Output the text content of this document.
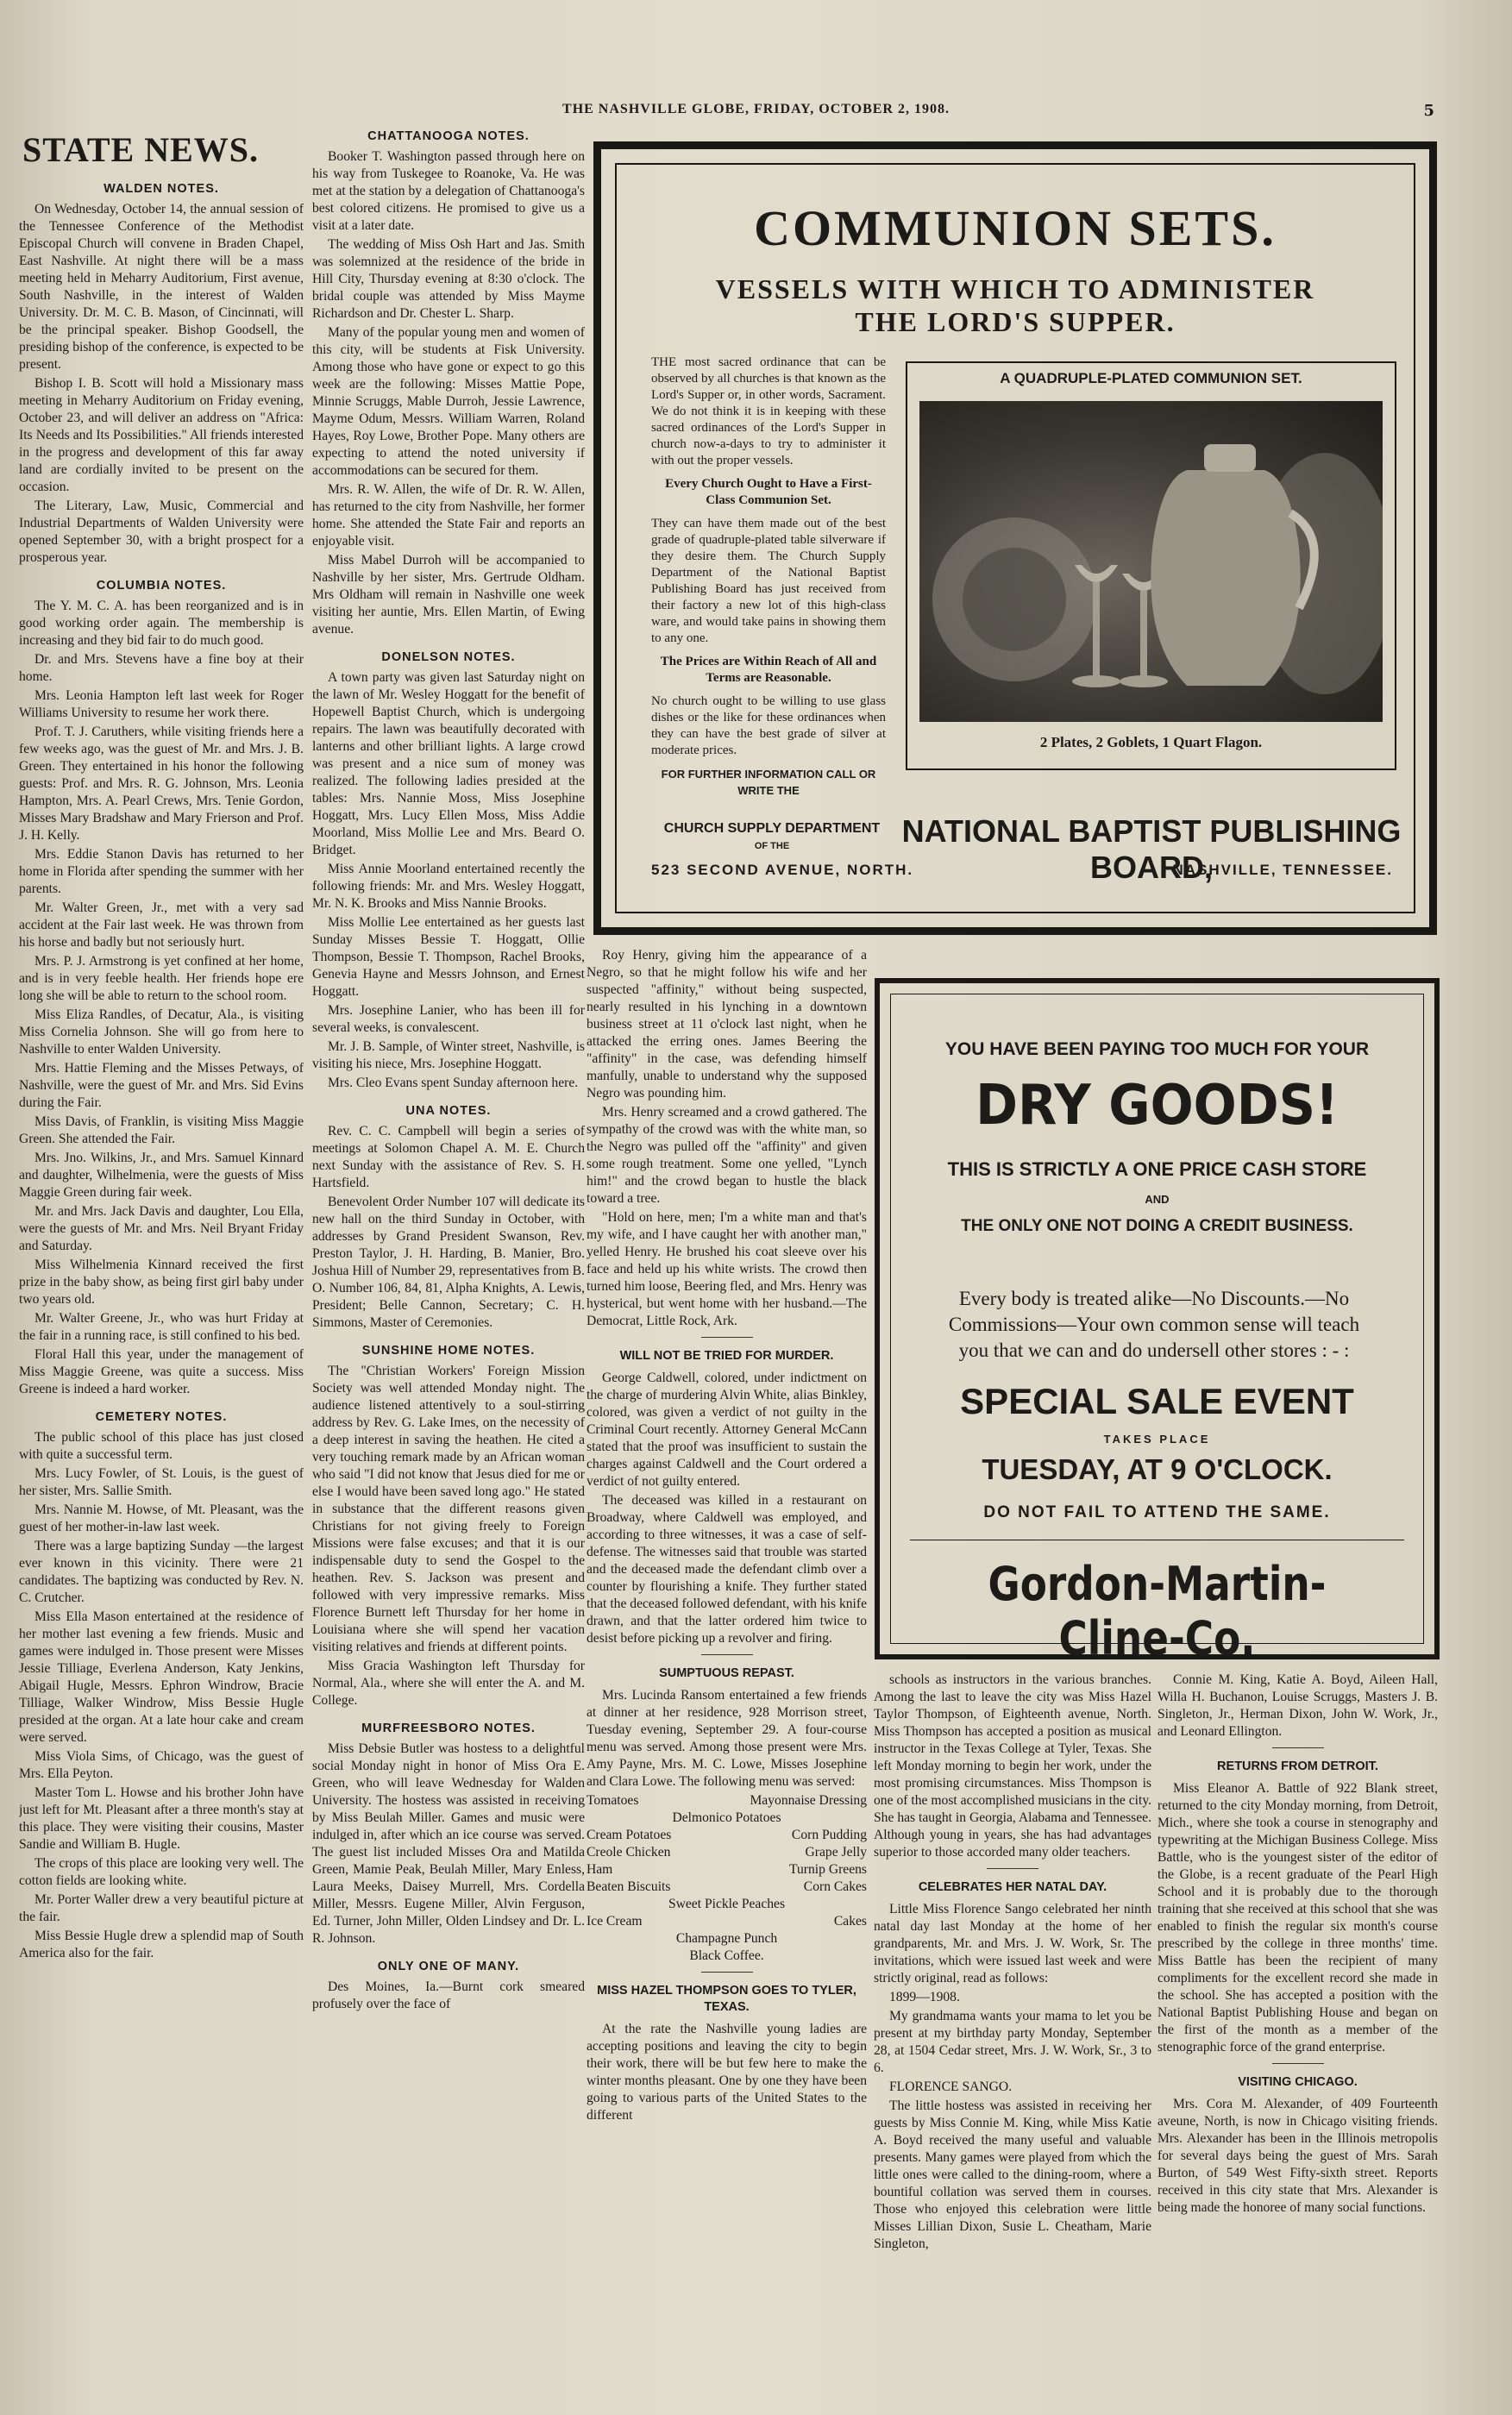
THE NASHVILLE GLOBE, FRIDAY, OCTOBER 2, 1908.	5
STATE NEWS.
WALDEN NOTES.

On Wednesday, October 14, the annual session of the Tennessee Conference of the Methodist Episcopal Church will convene in Braden Chapel, East Nashville. At night there will be a mass meeting held in Meharry Auditorium, First avenue, South Nashville, in the interest of Walden University. Dr. M. C. B. Mason, of Cincinnati, will be the principal speaker. Bishop Goodsell, the presiding bishop of the conference, is expected to be present.

Bishop I. B. Scott will hold a Missionary mass meeting in Meharry Auditorium on Friday evening, October 23, and will deliver an address on "Africa: Its Needs and Its Possibilities." All friends interested in the progress and development of this far away land are cordially invited to be present on the occasion.

The Literary, Law, Music, Commercial and Industrial Departments of Walden University were opened September 30, with a bright prospect for a prosperous year.

COLUMBIA NOTES.

The Y. M. C. A. has been reorganized and is in good working order again. The membership is increasing and they bid fair to do much good.

Dr. and Mrs. Stevens have a fine boy at their home.

Mrs. Leonia Hampton left last week for Roger Williams University to resume her work there.

Prof. T. J. Caruthers, while visiting friends here a few weeks ago, was the guest of Mr. and Mrs. J. B. Green. They entertained in his honor the following guests: Prof. and Mrs. R. G. Johnson, Mrs. Leonia Hampton, Mrs. A. Pearl Crews, Mrs. Tenie Gordon, Misses Mary Bradshaw and Mary Frierson and Prof. J. H. Kelly.

Mrs. Eddie Stanon Davis has returned to her home in Florida after spending the summer with her parents.

Mr. Walter Green, Jr., met with a very sad accident at the Fair last week. He was thrown from his horse and badly but not seriously hurt.

Mrs. P. J. Armstrong is yet confined at her home, and is in very feeble health. Her friends hope ere long she will be able to return to the school room.

Miss Eliza Randles, of Decatur, Ala., is visiting Miss Cornelia Johnson. She will go from here to Nashville to enter Walden University.

Mrs. Hattie Fleming and the Misses Petways, of Nashville, were the guest of Mr. and Mrs. Sid Evins during the Fair.

Miss Davis, of Franklin, is visiting Miss Maggie Green. She attended the Fair.

Mrs. Jno. Wilkins, Jr., and Mrs. Samuel Kinnard and daughter, Wilhelmenia, were the guests of Miss Maggie Green during fair week.

Mr. and Mrs. Jack Davis and daughter, Lou Ella, were the guests of Mr. and Mrs. Neil Bryant Friday and Saturday.

Miss Wilhelmenia Kinnard received the first prize in the baby show, as being first girl baby under two years old.

Mr. Walter Greene, Jr., who was hurt Friday at the fair in a running race, is still confined to his bed.

Floral Hall this year, under the management of Miss Maggie Greene, was quite a success. Miss Greene is indeed a hard worker.

CEMETERY NOTES.

The public school of this place has just closed with quite a successful term.

Mrs. Lucy Fowler, of St. Louis, is the guest of her sister, Mrs. Sallie Smith.

Mrs. Nannie M. Howse, of Mt. Pleasant, was the guest of her mother-in-law last week.

There was a large baptizing Sunday —the largest ever known in this vicinity. There were 21 candidates. The baptizing was conducted by Rev. N. C. Crutcher.

Miss Ella Mason entertained at the residence of her mother last evening a few friends. Music and games were indulged in. Those present were Misses Jessie Tilliage, Everlena Anderson, Katy Jenkins, Abigail Hugle, Messrs. Ephron Windrow, Bracie Tilliage, Walker Windrow, Miss Bessie Hugle presided at the organ. At a late hour cake and cream were served.

Miss Viola Sims, of Chicago, was the guest of Mrs. Ella Peyton.

Master Tom L. Howse and his brother John have just left for Mt. Pleasant after a three month's stay at this place. They were visiting their cousins, Master Sandie and William B. Hugle.

The crops of this place are looking very well. The cotton fields are looking white.

Mr. Porter Waller drew a very beautiful picture at the fair.

Miss Bessie Hugle drew a splendid map of South America also for the fair.

CHATTANOOGA NOTES.

Booker T. Washington passed through here on his way from Tuskegee to Roanoke, Va. He was met at the station by a delegation of Chattanooga's best colored citizens. He promised to give us a visit at a later date.

The wedding of Miss Osh Hart and Jas. Smith was solemnized at the residence of the bride in Hill City, Thursday evening at 8:30 o'clock. The bridal couple was attended by Miss Mayme Richardson and Dr. Chester L. Sharp.

Many of the popular young men and women of this city, will be students at Fisk University. Among those who have gone or expect to go this week are the following: Misses Mattie Pope, Minnie Scruggs, Mable Durroh, Jessie Lawrence, Mayme Odum, Messrs. William Warren, Roland Hayes, Roy Lowe, Brother Pope. Many others are expecting to attend the noted university if accommodations can be secured for them.

Mrs. R. W. Allen, the wife of Dr. R. W. Allen, has returned to the city from Nashville, her former home. She attended the State Fair and reports an enjoyable visit.

Miss Mabel Durroh will be accompanied to Nashville by her sister, Mrs. Gertrude Oldham. Mrs Oldham will remain in Nashville one week visiting her auntie, Mrs. Ellen Martin, of Ewing avenue.

DONELSON NOTES.

A town party was given last Saturday night on the lawn of Mr. Wesley Hoggatt for the benefit of Hopewell Baptist Church, which is undergoing repairs. The lawn was beautifully decorated with lanterns and other brilliant lights. A large crowd was present and a nice sum of money was realized. The following ladies presided at the tables: Mrs. Nannie Moss, Miss Josephine Hoggatt, Mrs. Lucy Ellen Moss, Miss Addie Moorland, Miss Mollie Lee and Mrs. Beard O. Bridget.

Miss Annie Moorland entertained recently the following friends: Mr. and Mrs. Wesley Hoggatt, Mr. N. K. Brooks and Miss Nannie Brooks.

Miss Mollie Lee entertained as her guests last Sunday Misses Bessie T. Hoggatt, Ollie Thompson, Bessie T. Thompson, Rachel Brooks, Genevia Hayne and Messrs Johnson, and Ernest Hoggatt.

Mrs. Josephine Lanier, who has been ill for several weeks, is convalescent.

Mr. J. B. Sample, of Winter street, Nashville, is visiting his niece, Mrs. Josephine Hoggatt.

Mrs. Cleo Evans spent Sunday afternoon here.

UNA NOTES.

Rev. C. C. Campbell will begin a series of meetings at Solomon Chapel A. M. E. Church next Sunday with the assistance of Rev. S. H. Hartsfield.

Benevolent Order Number 107 will dedicate its new hall on the third Sunday in October, with addresses by Grand President Swanson, Rev. Preston Taylor, J. H. Harding, B. Manier, Bro. Joshua Hill of Number 29, representatives from B. O. Number 106, 84, 81, Alpha Knights, A. Lewis, President; Belle Cannon, Secretary; C. H. Simmons, Master of Ceremonies.

SUNSHINE HOME NOTES.

The "Christian Workers' Foreign Mission Society was well attended Monday night. The audience listened attentively to a soul-stirring address by Rev. G. Lake Imes, on the necessity of a deep interest in saving the heathen. He cited a very touching remark made by an African woman who said "I did not know that Jesus died for me or else I would have been saved long ago." He stated in substance that the different reasons given Christians for not giving freely to Foreign Missions were false excuses; and that it is our indispensable duty to send the Gospel to the heathen. Rev. S. Jackson was present and followed with very impressive remarks. Miss Florence Burnett left Thursday for her home in Louisiana where she will spend her vacation visiting relatives and friends at different points.

Miss Gracia Washington left Thursday for Normal, Ala., where she will enter the A. and M. College.

MURFREESBORO NOTES.

Miss Debsie Butler was hostess to a delightful social Monday night in honor of Miss Ora E. Green, who will leave Wednesday for Walden University. The hostess was assisted in receiving by Miss Beulah Miller. Games and music were indulged in, after which an ice course was served. The guest list included Misses Ora and Matilda Green, Mamie Peak, Beulah Miller, Mary Enless, Laura Meeks, Daisey Murrell, Mrs. Cordella Miller, Messrs. Eugene Miller, Alvin Ferguson, Ed. Turner, John Miller, Olden Lindsey and Dr. L. R. Johnson.

ONLY ONE OF MANY.

Des Moines, Ia.—Burnt cork smeared profusely over the face of

COMMUNION SETS.
VESSELS WITH WHICH TO ADMINISTER
THE LORD'S SUPPER.

THE most sacred ordinance that can be observed by all churches is that known as the Lord's Supper or, in other words, Sacrament. We do not think it is in keeping with these sacred ordinances of the Lord's Supper in church now-a-days to try to administer it with out the proper vessels.

Every Church Ought to Have a First-Class Communion Set.

They can have them made out of the best grade of quadruple-plated table silverware if they desire them. The Church Supply Department of the National Baptist Publishing Board has just received from their factory a new lot of this high-class ware, and would take pains in showing them to any one.

The Prices are Within Reach of All and Terms are Reasonable.

No church ought to be willing to use glass dishes or the like for these ordinances when they can have the best grade of silver at moderate prices.

FOR FURTHER INFORMATION CALL OR WRITE THE
A QUADRUPLE-PLATED COMMUNION SET.
2 Plates, 2 Goblets, 1 Quart Flagon.
CHURCH SUPPLY DEPARTMENT
OF THE	NATIONAL BAPTIST PUBLISHING BOARD,
523 SECOND AVENUE, NORTH.	NASHVILLE, TENNESSEE.

Roy Henry, giving him the appearance of a Negro, so that he might follow his wife and her suspected "affinity," without being suspected, nearly resulted in his lynching in a downtown business street at 11 o'clock last night, when he attacked the erring ones. James Beering the "affinity" in the case, was defending himself manfully, unable to understand why the supposed Negro was pounding him.

Mrs. Henry screamed and a crowd gathered. The sympathy of the crowd was with the white man, so the Negro was pulled off the "affinity" and given some rough treatment. Some one yelled, "Lynch him!" and the crowd began to hustle the black toward a tree.

"Hold on here, men; I'm a white man and that's my wife, and I have caught her with another man," yelled Henry. He brushed his coat sleeve over his face and held up his white wrists. The crowd then turned him loose, Beering fled, and Mrs. Henry was hysterical, but went home with her husband.—The Democrat, Little Rock, Ark.

WILL NOT BE TRIED FOR MURDER.

George Caldwell, colored, under indictment on the charge of murdering Alvin White, alias Binkley, colored, was given a verdict of not guilty in the Criminal Court recently. Attorney General McCann stated that the proof was insufficient to sustain the charges against Caldwell and the Court ordered a verdict of not guilty entered.

The deceased was killed in a restaurant on Broadway, where Caldwell was employed, and according to three witnesses, it was a case of self-defense. The witnesses said that trouble was started and the deceased made the defendant climb over a counter by flourishing a knife. They further stated that the deceased followed defendant, with his knife drawn, and that the latter ordered him twice to desist before picking up a revolver and firing.

SUMPTUOUS REPAST.

Mrs. Lucinda Ransom entertained a few friends at dinner at her residence, 928 Morrison street, Tuesday evening, September 29. A four-course menu was served. Among those present were Mrs. Amy Payne, Mrs. M. C. Lowe, Misses Josephine and Clara Lowe. The following menu was served:

Tomatoes	Mayonnaise Dressing
Delmonico Potatoes
Cream Potatoes	Corn Pudding
Creole Chicken	Grape Jelly
Ham	Turnip Greens
Beaten Biscuits	Corn Cakes
Sweet Pickle Peaches
Ice Cream	Cakes
Champagne Punch
Black Coffee.
MISS HAZEL THOMPSON GOES TO TYLER, TEXAS.

At the rate the Nashville young ladies are accepting positions and leaving the city to begin their work, there will be but few here to make the winter months pleasant. One by one they have been going to various parts of the United States to the different

YOU HAVE BEEN PAYING TOO MUCH FOR YOUR
DRY GOODS!
THIS IS STRICTLY A ONE PRICE CASH STORE
AND
THE ONLY ONE NOT DOING A CREDIT BUSINESS.
Every body is treated alike—No Discounts.—No Commissions—Your own common sense will teach you that we can and do undersell other stores : - :
SPECIAL SALE EVENT
TAKES PLACE
TUESDAY, AT 9 O'CLOCK.
DO NOT FAIL TO ATTEND THE SAME.
Gordon-Martin-Cline-Co.

schools as instructors in the various branches. Among the last to leave the city was Miss Hazel Taylor Thompson, of Eighteenth avenue, North. Miss Thompson has accepted a position as musical instructor in the Texas College at Tyler, Texas. She left Monday morning to begin her work, under the most promising circumstances. Miss Thompson is one of the most accomplished musicians in the city. She has taught in Georgia, Alabama and Tennessee. Although young in years, she has had advantages superior to those accorded many older teachers.

CELEBRATES HER NATAL DAY.

Little Miss Florence Sango celebrated her ninth natal day last Monday at the home of her grandparents, Mr. and Mrs. J. W. Work, Sr. The invitations, which were issued last week and were strictly original, read as follows:

1899—1908.

My grandmama wants your mama to let you be present at my birthday party Monday, September 28, at 1504 Cedar street, Mrs. J. W. Work, Sr., 3 to 6.

FLORENCE SANGO.

The little hostess was assisted in receiving her guests by Miss Connie M. King, while Miss Katie A. Boyd received the many useful and valuable presents. Many games were played from which the little ones were called to the dining-room, where a bountiful collation was served them in courses. Those who enjoyed this celebration were little Misses Lillian Dixon, Susie L. Cheatham, Marie Singleton,

Connie M. King, Katie A. Boyd, Aileen Hall, Willa H. Buchanon, Louise Scruggs, Masters J. B. Singleton, Jr., Herman Dixon, John W. Work, Jr., and Leonard Ellington.

RETURNS FROM DETROIT.

Miss Eleanor A. Battle of 922 Blank street, returned to the city Monday morning, from Detroit, Mich., where she took a course in stenography and typewriting at the Michigan Business College. Miss Battle, who is the youngest sister of the editor of the Globe, is a recent graduate of the Pearl High School and it is probably due to the thorough training that she received at this school that she was enabled to finish the regular six month's course prescribed by the college in three months' time. Miss Battle has been the recipient of many compliments for the excellent record she made in the school. She has accepted a position with the National Baptist Publishing House and began on the first of the month as a member of the stenographic force of the grand enterprise.

VISITING CHICAGO.

Mrs. Cora M. Alexander, of 409 Fourteenth aveune, North, is now in Chicago visiting friends. Mrs. Alexander has been in the Illinois metropolis for several days being the guest of Mrs. Sarah Burton, of 549 West Fifty-sixth street. Reports received in this city state that Mrs. Alexander is being made the honoree of many social functions.
